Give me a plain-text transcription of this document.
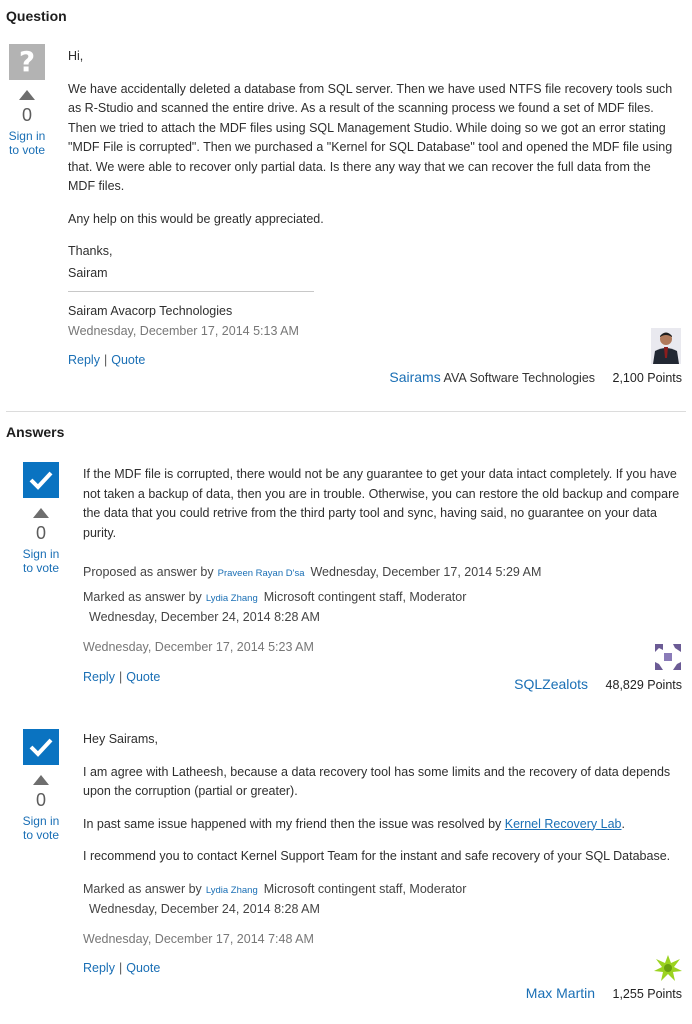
Question
?
0
Sign in
to vote

Hi,

We have accidentally deleted a database from SQL server. Then we have used NTFS file recovery tools such as R-Studio and scanned the entire drive. As a result of the scanning process we found a set of MDF files. Then we tried to attach the MDF files using SQL Management Studio. While doing so we got an error stating "MDF File is corrupted". Then we purchased a "Kernel for SQL Database" tool and opened the MDF file using that. We were able to recover only partial data. Is there any way that we can recover the full data from the MDF files.

Any help on this would be greatly appreciated.

Thanks,
Sairam
Sairam Avacorp Technologies
Wednesday, December 17, 2014 5:13 AM
Reply | Quote
Sairams AVA Software Technologies 2,100 Points
Answers
0
Sign in
to vote

If the MDF file is corrupted, there would not be any guarantee to get your data intact completely. If you have not taken a backup of data, then you are in trouble. Otherwise, you can restore the old backup and compare the data that you could retrive from the third party tool and sync, having said, no guarantee on your data purity.

Proposed as answer by Praveen Rayan D'sa Wednesday, December 17, 2014 5:29 AM
Marked as answer by Lydia Zhang Microsoft contingent staff, Moderator
Wednesday, December 24, 2014 8:28 AM
Wednesday, December 17, 2014 5:23 AM
Reply | Quote	SQLZealots 48,829 Points
0
Sign in
to vote

Hey Sairams,

I am agree with Latheesh, because a data recovery tool has some limits and the recovery of data depends upon the corruption (partial or greater).

In past same issue happened with my friend then the issue was resolved by Kernel Recovery Lab.

I recommend you to contact Kernel Support Team for the instant and safe recovery of your SQL Database.

Marked as answer by Lydia Zhang Microsoft contingent staff, Moderator
Wednesday, December 24, 2014 8:28 AM
Wednesday, December 17, 2014 7:48 AM
Reply | Quote
Max Martin 1,255 Points
